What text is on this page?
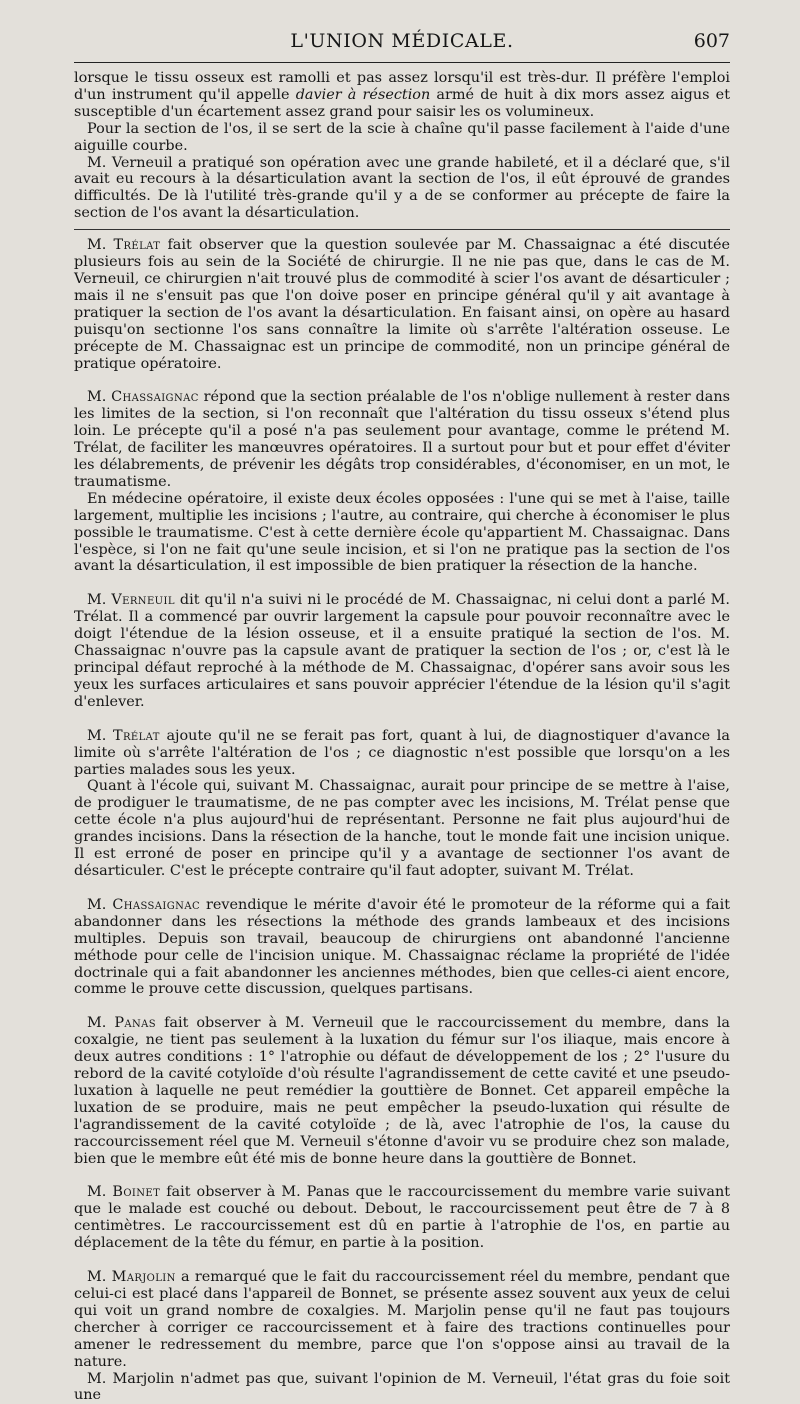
L'UNION MÉDICALE.	607

lorsque le tissu osseux est ramolli et pas assez lorsqu'il est très-dur. Il préfère l'emploi d'un instrument qu'il appelle davier à résection armé de huit à dix mors assez aigus et susceptible d'un écartement assez grand pour saisir les os volumineux.

Pour la section de l'os, il se sert de la scie à chaîne qu'il passe facilement à l'aide d'une aiguille courbe.

M. Verneuil a pratiqué son opération avec une grande habileté, et il a déclaré que, s'il avait eu recours à la désarticulation avant la section de l'os, il eût éprouvé de grandes difficultés. De là l'utilité très-grande qu'il y a de se conformer au précepte de faire la section de l'os avant la désarticulation.

M. Trélat fait observer que la question soulevée par M. Chassaignac a été discutée plusieurs fois au sein de la Société de chirurgie. Il ne nie pas que, dans le cas de M. Verneuil, ce chirurgien n'ait trouvé plus de commodité à scier l'os avant de désarticuler ; mais il ne s'ensuit pas que l'on doive poser en principe général qu'il y ait avantage à pratiquer la section de l'os avant la désarticulation. En faisant ainsi, on opère au hasard puisqu'on sectionne l'os sans connaître la limite où s'arrête l'altération osseuse. Le précepte de M. Chassaignac est un principe de commodité, non un principe général de pratique opératoire.

M. Chassaignac répond que la section préalable de l'os n'oblige nullement à rester dans les limites de la section, si l'on reconnaît que l'altération du tissu osseux s'étend plus loin. Le précepte qu'il a posé n'a pas seulement pour avantage, comme le prétend M. Trélat, de faciliter les manœuvres opératoires. Il a surtout pour but et pour effet d'éviter les délabrements, de prévenir les dégâts trop considérables, d'économiser, en un mot, le traumatisme.

En médecine opératoire, il existe deux écoles opposées : l'une qui se met à l'aise, taille largement, multiplie les incisions ; l'autre, au contraire, qui cherche à économiser le plus possible le traumatisme. C'est à cette dernière école qu'appartient M. Chassaignac. Dans l'espèce, si l'on ne fait qu'une seule incision, et si l'on ne pratique pas la section de l'os avant la désarticulation, il est impossible de bien pratiquer la résection de la hanche.

M. Verneuil dit qu'il n'a suivi ni le procédé de M. Chassaignac, ni celui dont a parlé M. Trélat. Il a commencé par ouvrir largement la capsule pour pouvoir reconnaître avec le doigt l'étendue de la lésion osseuse, et il a ensuite pratiqué la section de l'os. M. Chassaignac n'ouvre pas la capsule avant de pratiquer la section de l'os ; or, c'est là le principal défaut reproché à la méthode de M. Chassaignac, d'opérer sans avoir sous les yeux les surfaces articulaires et sans pouvoir apprécier l'étendue de la lésion qu'il s'agit d'enlever.

M. Trélat ajoute qu'il ne se ferait pas fort, quant à lui, de diagnostiquer d'avance la limite où s'arrête l'altération de l'os ; ce diagnostic n'est possible que lorsqu'on a les parties malades sous les yeux.

Quant à l'école qui, suivant M. Chassaignac, aurait pour principe de se mettre à l'aise, de prodiguer le traumatisme, de ne pas compter avec les incisions, M. Trélat pense que cette école n'a plus aujourd'hui de représentant. Personne ne fait plus aujourd'hui de grandes incisions. Dans la résection de la hanche, tout le monde fait une incision unique. Il est erroné de poser en principe qu'il y a avantage de sectionner l'os avant de désarticuler. C'est le précepte contraire qu'il faut adopter, suivant M. Trélat.

M. Chassaignac revendique le mérite d'avoir été le promoteur de la réforme qui a fait abandonner dans les résections la méthode des grands lambeaux et des incisions multiples. Depuis son travail, beaucoup de chirurgiens ont abandonné l'ancienne méthode pour celle de l'incision unique. M. Chassaignac réclame la propriété de l'idée doctrinale qui a fait abandonner les anciennes méthodes, bien que celles-ci aient encore, comme le prouve cette discussion, quelques partisans.

M. Panas fait observer à M. Verneuil que le raccourcissement du membre, dans la coxalgie, ne tient pas seulement à la luxation du fémur sur l'os iliaque, mais encore à deux autres conditions : 1° l'atrophie ou défaut de développement de los ; 2° l'usure du rebord de la cavité cotyloïde d'où résulte l'agrandissement de cette cavité et une pseudo-luxation à laquelle ne peut remédier la gouttière de Bonnet. Cet appareil empêche la luxation de se produire, mais ne peut empêcher la pseudo-luxation qui résulte de l'agrandissement de la cavité cotyloïde ; de là, avec l'atrophie de l'os, la cause du raccourcissement réel que M. Verneuil s'étonne d'avoir vu se produire chez son malade, bien que le membre eût été mis de bonne heure dans la gouttière de Bonnet.

M. Boinet fait observer à M. Panas que le raccourcissement du membre varie suivant que le malade est couché ou debout. Debout, le raccourcissement peut être de 7 à 8 centimètres. Le raccourcissement est dû en partie à l'atrophie de l'os, en partie au déplacement de la tête du fémur, en partie à la position.

M. Marjolin a remarqué que le fait du raccourcissement réel du membre, pendant que celui-ci est placé dans l'appareil de Bonnet, se présente assez souvent aux yeux de celui qui voit un grand nombre de coxalgies. M. Marjolin pense qu'il ne faut pas toujours chercher à corriger ce raccourcissement et à faire des tractions continuelles pour amener le redressement du membre, parce que l'on s'oppose ainsi au travail de la nature.

M. Marjolin n'admet pas que, suivant l'opinion de M. Verneuil, l'état gras du foie soit une
